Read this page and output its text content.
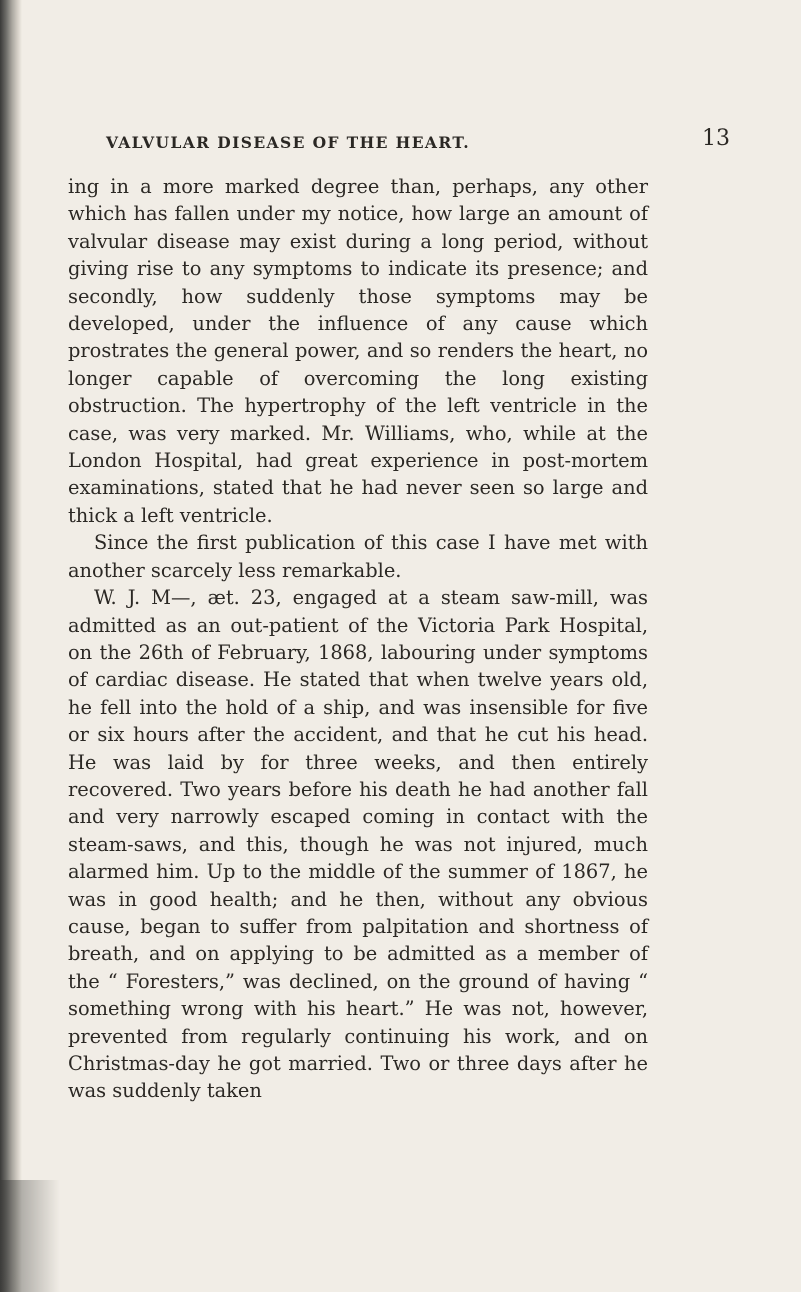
VALVULAR DISEASE OF THE HEART.	13

ing in a more marked degree than, perhaps, any other which has fallen under my notice, how large an amount of valvular disease may exist during a long period, without giving rise to any symptoms to indicate its presence; and secondly, how suddenly those symptoms may be developed, under the influence of any cause which prostrates the general power, and so renders the heart, no longer capable of overcoming the long existing obstruction. The hypertrophy of the left ventricle in the case, was very marked. Mr. Williams, who, while at the London Hospital, had great experience in post-mortem examinations, stated that he had never seen so large and thick a left ventricle.

Since the first publication of this case I have met with another scarcely less remarkable.

W. J. M—, æt. 23, engaged at a steam saw-mill, was admitted as an out-patient of the Victoria Park Hospital, on the 26th of February, 1868, labouring under symptoms of cardiac disease. He stated that when twelve years old, he fell into the hold of a ship, and was insensible for five or six hours after the accident, and that he cut his head. He was laid by for three weeks, and then entirely recovered. Two years before his death he had another fall and very narrowly escaped coming in contact with the steam-saws, and this, though he was not injured, much alarmed him. Up to the middle of the summer of 1867, he was in good health; and he then, without any obvious cause, began to suffer from palpitation and shortness of breath, and on applying to be admitted as a member of the “ Foresters,” was declined, on the ground of having “ something wrong with his heart.” He was not, however, prevented from regularly continuing his work, and on Christmas-day he got married. Two or three days after he was suddenly taken
